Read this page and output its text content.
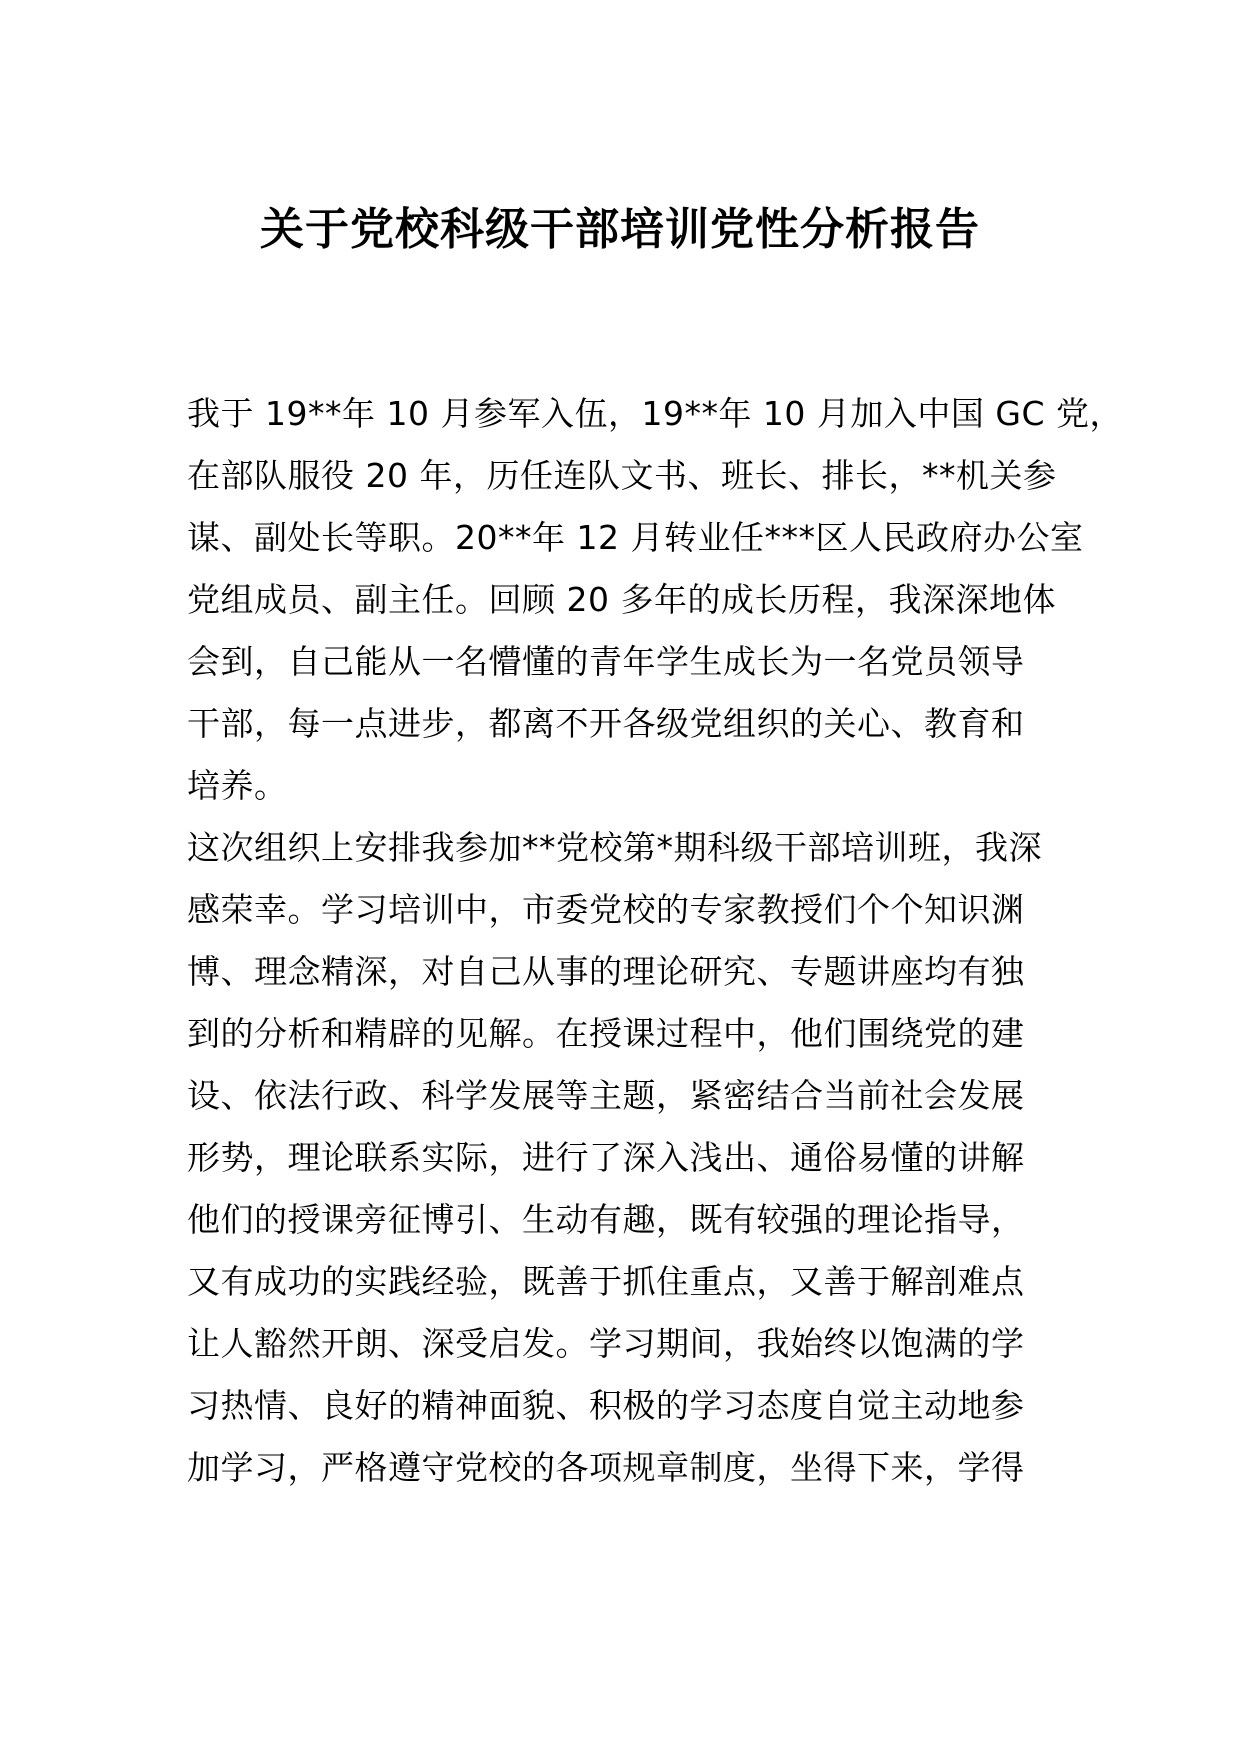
关于党校科级干部培训党性分析报告
我于 19**年 10 月参军入伍，19**年 10 月加入中国 GC 党，
在部队服役 20 年，历任连队文书、班长、排长，**机关参
谋、副处长等职。20**年 12 月转业任***区人民政府办公室
党组成员、副主任。回顾 20 多年的成长历程，我深深地体
会到，自己能从一名懵懂的青年学生成长为一名党员领导
干部，每一点进步，都离不开各级党组织的关心、教育和
培养。
这次组织上安排我参加**党校第*期科级干部培训班，我深
感荣幸。学习培训中，市委党校的专家教授们个个知识渊
博、理念精深，对自己从事的理论研究、专题讲座均有独
到的分析和精辟的见解。在授课过程中，他们围绕党的建
设、依法行政、科学发展等主题，紧密结合当前社会发展
形势，理论联系实际，进行了深入浅出、通俗易懂的讲解
他们的授课旁征博引、生动有趣，既有较强的理论指导，
又有成功的实践经验，既善于抓住重点，又善于解剖难点
让人豁然开朗、深受启发。学习期间，我始终以饱满的学
习热情、良好的精神面貌、积极的学习态度自觉主动地参
加学习，严格遵守党校的各项规章制度，坐得下来，学得
